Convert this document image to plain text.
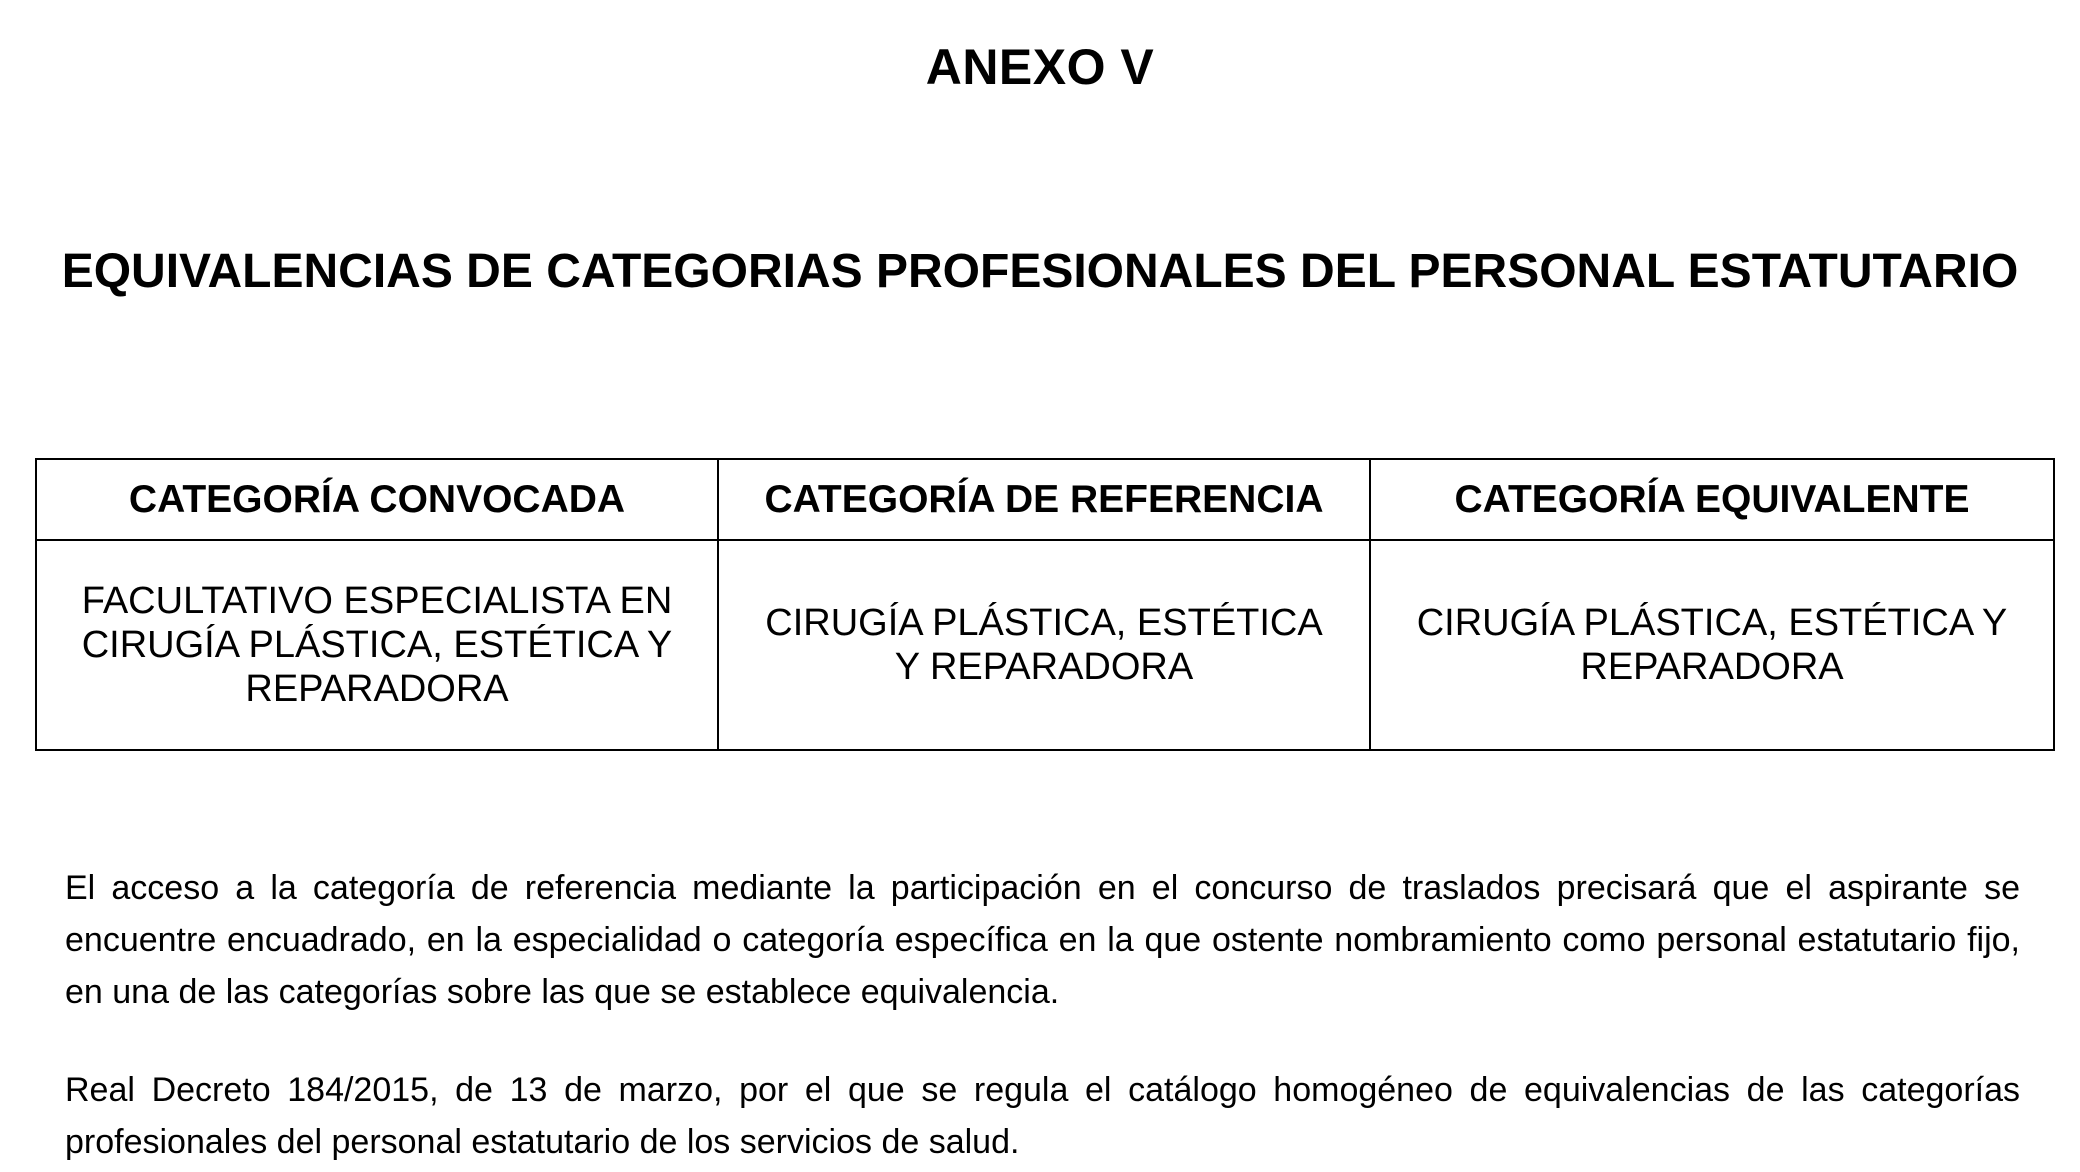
ANEXO V
EQUIVALENCIAS DE CATEGORIAS PROFESIONALES DEL PERSONAL ESTATUTARIO
CATEGORÍA CONVOCADA	CATEGORÍA DE REFERENCIA	CATEGORÍA EQUIVALENTE
FACULTATIVO ESPECIALISTA EN CIRUGÍA PLÁSTICA, ESTÉTICA Y REPARADORA	CIRUGÍA PLÁSTICA, ESTÉTICA Y REPARADORA	CIRUGÍA PLÁSTICA, ESTÉTICA Y REPARADORA

El acceso a la categoría de referencia mediante la participación en el concurso de traslados precisará que el aspirante se encuentre encuadrado, en la especialidad o categoría específica en la que ostente nombramiento como personal estatutario fijo, en una de las categorías sobre las que se establece equivalencia.

Real Decreto 184/2015, de 13 de marzo, por el que se regula el catálogo homogéneo de equivalencias de las categorías profesionales del personal estatutario de los servicios de salud.
